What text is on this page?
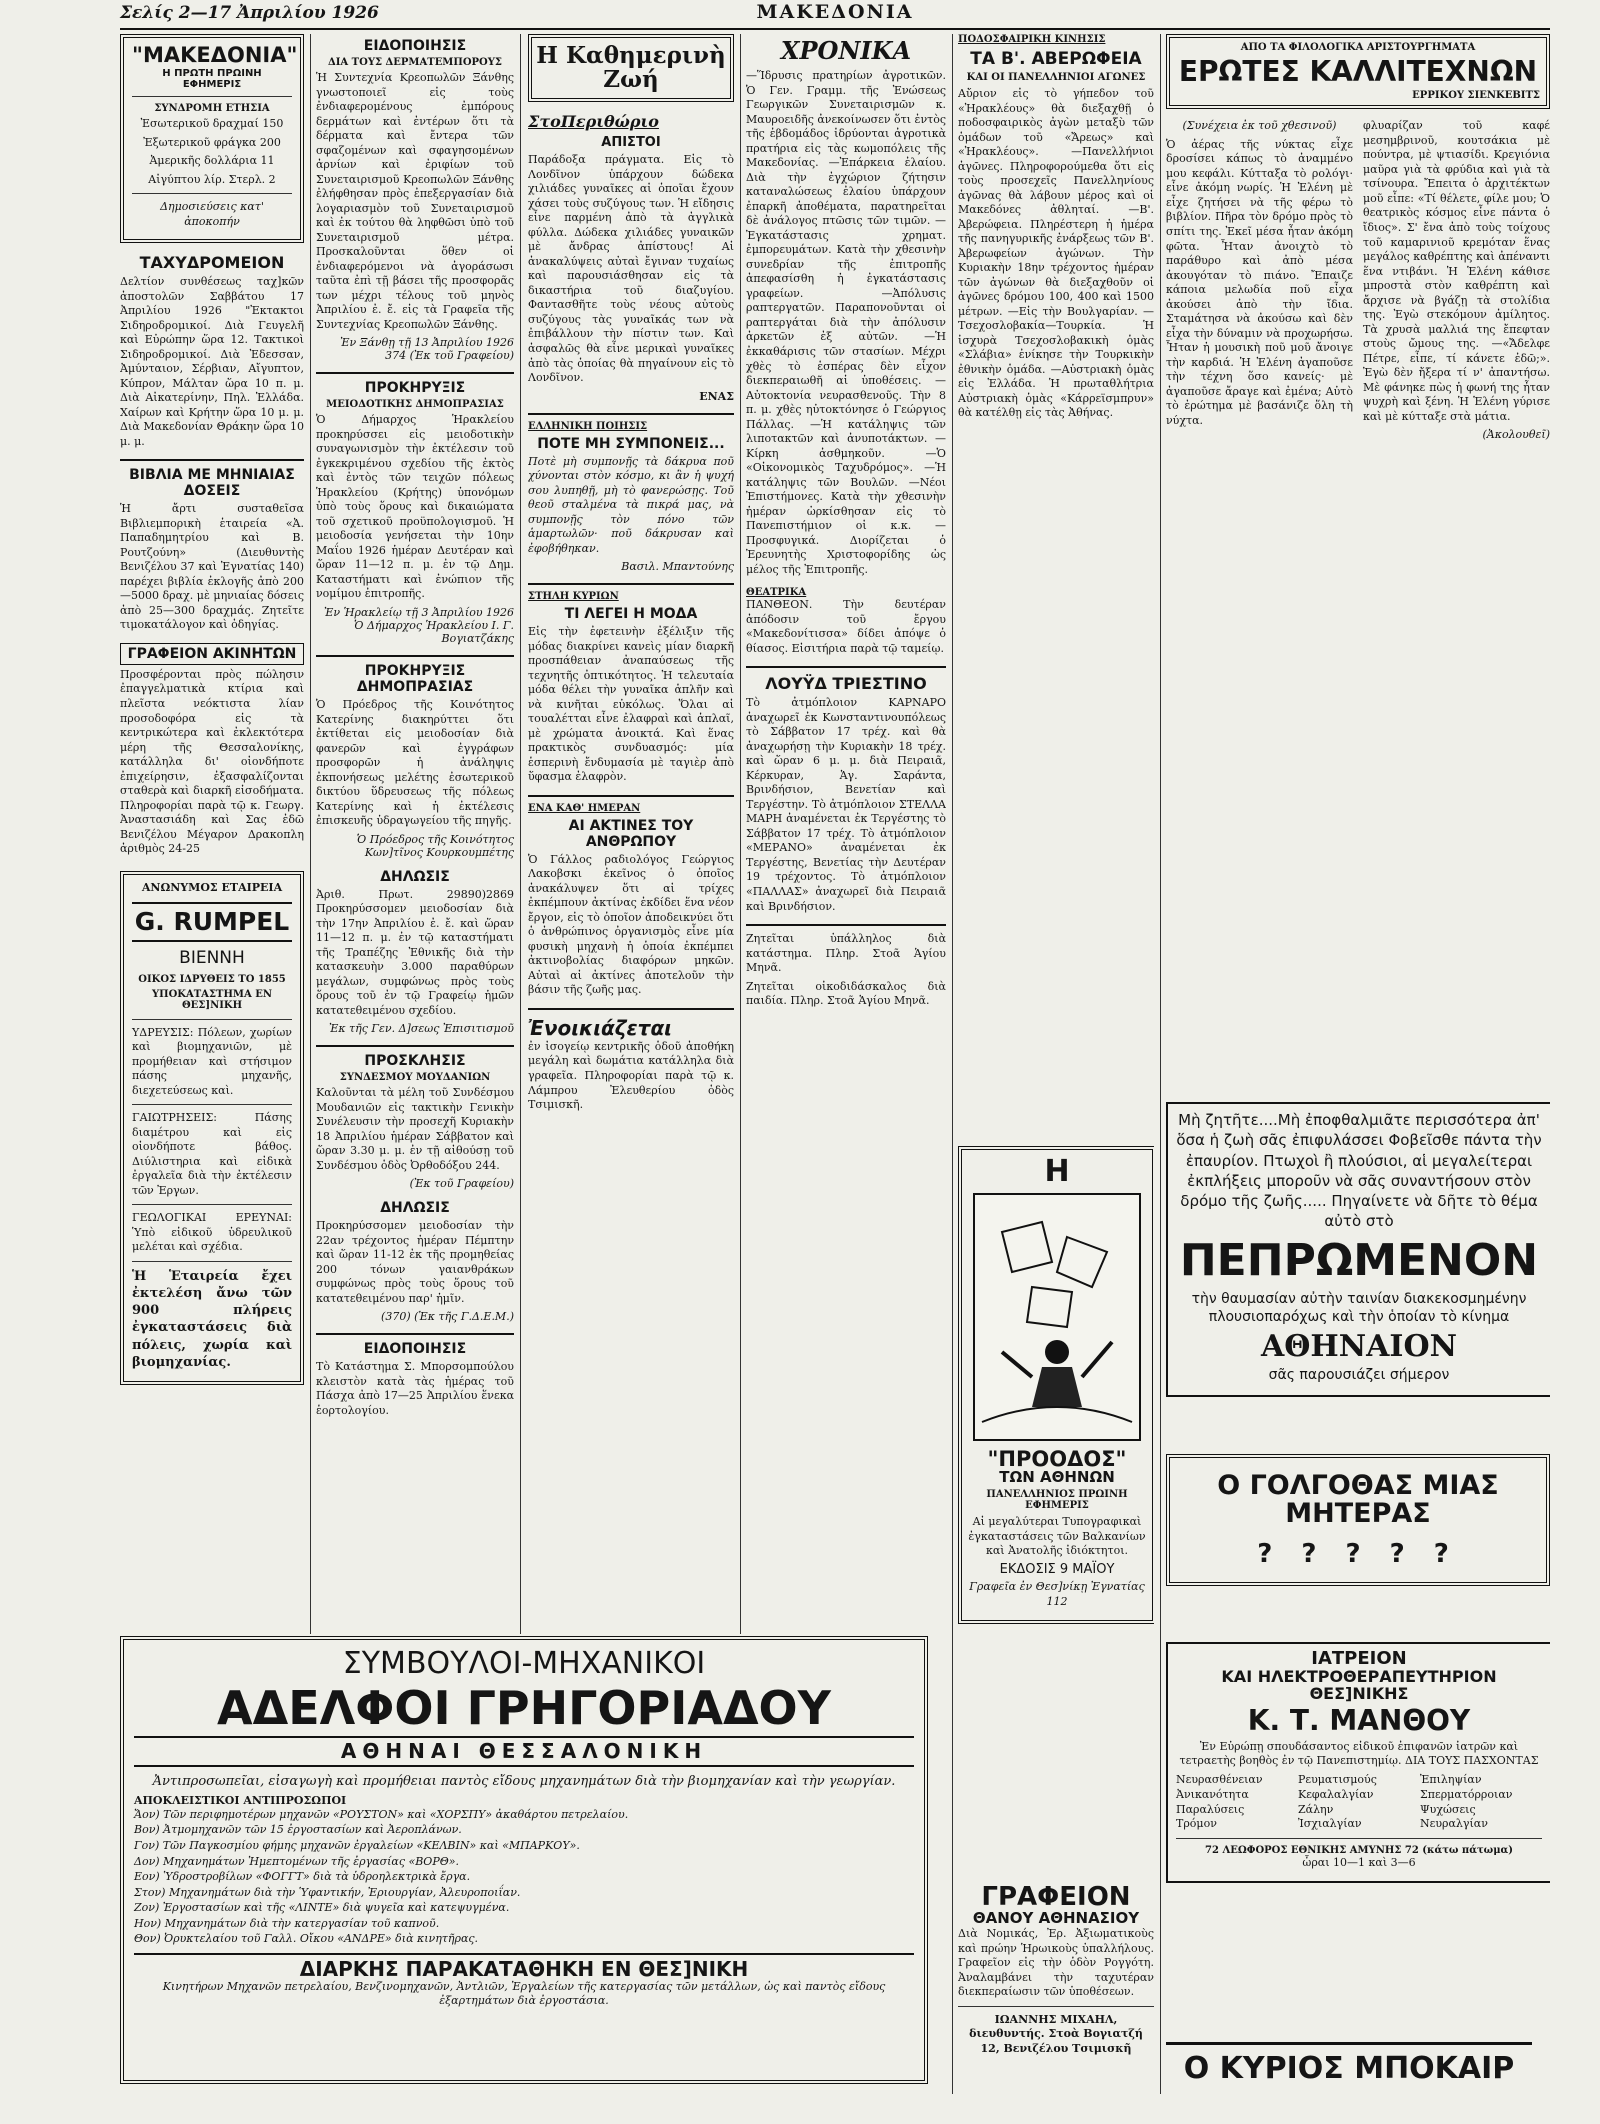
Σελίς 2—17 Ἀπριλίου 1926	ΜΑΚΕΔΟΝΙΑ
"ΜΑΚΕΔΟΝΙΑ"
Η ΠΡΩΤΗ ΠΡΩΙΝΗ ΕΦΗΜΕΡΙΣ
ΣΥΝΔΡΟΜΗ ΕΤΗΣΙΑ
Ἐσωτερικοῦ δραχμαί 150
Ἐξωτερικοῦ φράγκα 200
Ἀμερικῆς δολλάρια 11
Αἰγύπτου λίρ. Στερλ. 2
Δημοσιεύσεις κατ' ἀποκοπήν
ΤΑΧΥΔΡΟΜΕΙΟΝ

Δελτίον συνθέσεως ταχ]κῶν ἀποστολῶν Σαββάτου 17 Ἀπριλίου 1926 "Ἐκτακτοι Σιδηροδρομικοί. Διὰ Γευγελῆ καὶ Εὐρώπην ὥρα 12. Τακτικοὶ Σιδηροδρομικοί. Διὰ Ἐδεσσαν, Ἀμύνταιον, Σέρβιαν, Αἴγυπτον, Κύπρον, Μάλταν ὥρα 10 π. μ. Διὰ Αἰκατερίνην, Πηλ. Ἑλλάδα. Χαίρων καὶ Κρήτην ὥρα 10 μ. μ. Διὰ Μακεδονίαν Θράκην ὥρα 10 μ. μ.

ΒΙΒΛΙΑ ΜΕ ΜΗΝΙΑΙΑΣ ΔΟΣΕΙΣ

Ἡ ἄρτι συσταθεῖσα Βιβλιεμπορικὴ ἑταιρεία «Ἀ. Παπαδημητρίου καὶ Β. Ρουτζούνη» (Διευθυντὴς Βενιζέλου 37 καὶ Ἐγνατίας 140) παρέχει βιβλία ἐκλογῆς ἀπὸ 200—5000 δραχ. μὲ μηνιαίας δόσεις ἀπὸ 25—300 δραχμάς. Ζητεῖτε τιμοκατάλογον καὶ ὁδηγίας.

ΓΡΑΦΕΙΟΝ ΑΚΙΝΗΤΩΝ

Προσφέρονται πρὸς πώλησιν ἐπαγγελματικὰ κτίρια καὶ πλεῖστα νεόκτιστα λίαν προσοδοφόρα εἰς τὰ κεντρικώτερα καὶ ἐκλεκτότερα μέρη τῆς Θεσσαλονίκης, κατάλληλα δι' οἱονδήποτε ἐπιχείρησιν, ἐξασφαλίζονται σταθερὰ καὶ διαρκῆ εἰσοδήματα. Πληροφορίαι παρὰ τῷ κ. Γεωργ. Ἀναστασιάδη καὶ Σας ἐδῶ Βενιζέλου Μέγαρον Δρακοπλη ἀριθμὸς 24-25

ΑΝΩΝΥΜΟΣ ΕΤΑΙΡΕΙΑ
G. RUMPEL
ΒΙΕΝΝΗ
ΟΙΚΟΣ ΙΔΡΥΘΕΙΣ ΤΟ 1855
ΥΠΟΚΑΤΑΣΤΗΜΑ ΕΝ ΘΕΣ]ΝΙΚΗ

ΥΔΡΕΥΣΙΣ: Πόλεων, χωρίων καὶ βιομηχανιῶν, μὲ προμήθειαν καὶ στήσιμον πάσης μηχανῆς, διεχετεύσεως καὶ.

ΓΑΙΩΤΡΗΣΕΙΣ: Πάσης διαμέτρου καὶ εἰς οἱονδήποτε βάθος. Διύλιστηρια καὶ εἰδικὰ ἐργαλεῖα διὰ τὴν ἐκτέλεσιν τῶν Ἐργων.

ΓΕΩΛΟΓΙΚΑΙ ΕΡΕΥΝΑΙ: Ὑπὸ εἰδικοῦ ὑδρευλικοῦ μελέται καὶ σχέδια.

Ἡ Ἑταιρεία ἔχει ἐκτελέση ἄνω τῶν 900 πλήρεις ἐγκαταστάσεις διὰ πόλεις, χωρία καὶ βιομηχανίας.

ΕΙΔΟΠΟΙΗΣΙΣ
ΔΙΑ ΤΟΥΣ ΔΕΡΜΑΤΕΜΠΟΡΟΥΣ

Ἡ Συντεχνία Κρεοπωλῶν Ξάνθης γνωστοποιεῖ εἰς τοὺς ἐνδιαφερομένους ἐμπόρους δερμάτων καὶ ἐντέρων ὅτι τὰ δέρματα καὶ ἔντερα τῶν σφαζομένων καὶ σφαγησομένων ἀρνίων καὶ ἐριφίων τοῦ Συνεταιρισμοῦ Κρεοπωλῶν Ξάνθης ἐλήφθησαν πρὸς ἐπεξεργασίαν διὰ λογαριασμὸν τοῦ Συνεταιρισμοῦ καὶ ἐκ τούτου θὰ ληφθῶσι ὑπὸ τοῦ Συνεταιρισμοῦ μέτρα. Προσκαλοῦνται ὅθεν οἱ ἐνδιαφερόμενοι νὰ ἀγοράσωσι ταῦτα ἐπὶ τῇ βάσει τῆς προσφορᾶς των μέχρι τέλους τοῦ μηνὸς Ἀπριλίου ἐ. ἔ. εἰς τὰ Γραφεῖα τῆς Συντεχνίας Κρεοπωλῶν Ξάνθης.

Ἐν Ξάνθῃ τῇ 13 Ἀπριλίου 1926 374 (Ἐκ τοῦ Γραφείου)
ΠΡΟΚΗΡΥΞΙΣ
ΜΕΙΟΔΟΤΙΚΗΣ ΔΗΜΟΠΡΑΣΙΑΣ

Ὁ Δήμαρχος Ἡρακλείου προκηρύσσει εἰς μειοδοτικὴν συναγωνισμὸν τὴν ἐκτέλεσιν τοῦ ἐγκεκριμένου σχεδίου τῆς ἐκτὸς καὶ ἐντὸς τῶν τειχῶν πόλεως Ἡρακλείου (Κρήτης) ὑπονόμων ὑπὸ τοὺς ὅρους καὶ δικαιώματα τοῦ σχετικοῦ προϋπολογισμοῦ. Ἡ μειοδοσία γενήσεται τὴν 10ην Μαΐου 1926 ἡμέραν Δευτέραν καὶ ὥραν 11—12 π. μ. ἐν τῷ Δημ. Καταστήματι καὶ ἐνώπιον τῆς νομίμου ἐπιτροπῆς.

Ἐν Ἡρακλείῳ τῇ 3 Ἀπριλίου 1926 Ὁ Δήμαρχος Ἡρακλείου Ι. Γ. Βογιατζάκης
ΠΡΟΚΗΡΥΞΙΣ ΔΗΜΟΠΡΑΣΙΑΣ

Ὁ Πρόεδρος τῆς Κοινότητος Κατερίνης διακηρύττει ὅτι ἐκτίθεται εἰς μειοδοσίαν διὰ φανερῶν καὶ ἐγγράφων προσφορῶν ἡ ἀνάληψις ἐκπονήσεως μελέτης ἐσωτερικοῦ δικτύου ὕδρευσεως τῆς πόλεως Κατερίνης καὶ ἡ ἐκτέλεσις ἐπισκευῆς ὑδραγωγείου τῆς πηγῆς.

Ὁ Πρόεδρος τῆς Κοινότητος Κων]τῖνος Κουρκουμπέτης
ΔΗΛΩΣΙΣ

Ἀριθ. Πρωτ. 29890)2869 Προκηρύσσομεν μειοδοσίαν διὰ τὴν 17ην Ἀπριλίου ἐ. ἔ. καὶ ὥραν 11—12 π. μ. ἐν τῷ καταστήματι τῆς Τραπέζης Ἐθνικῆς διὰ τὴν κατασκευὴν 3.000 παραθύρων μεγάλων, συμφώνως πρὸς τοὺς ὅρους τοῦ ἐν τῷ Γραφείῳ ἡμῶν κατατεθειμένου σχεδίου.

Ἐκ τῆς Γεν. Δ]σεως Ἐπισιτισμοῦ
ΠΡΟΣΚΛΗΣΙΣ
ΣΥΝΔΕΣΜΟΥ ΜΟΥΔΑΝΙΩΝ

Καλοῦνται τὰ μέλη τοῦ Συνδέσμου Μουδανιῶν εἰς τακτικὴν Γενικὴν Συνέλευσιν τὴν προσεχῆ Κυριακὴν 18 Ἀπριλίου ἡμέραν Σάββατον καὶ ὥραν 3.30 μ. μ. ἐν τῇ αἰθούσῃ τοῦ Συνδέσμου ὁδὸς Ὀρθοδόξου 244.

(Ἐκ τοῦ Γραφείου)
ΔΗΛΩΣΙΣ

Προκηρύσσομεν μειοδοσίαν τὴν 22αν τρέχοντος ἡμέραν Πέμπτην καὶ ὥραν 11-12 ἐκ τῆς προμηθείας 200 τόνων γαιανθράκων συμφώνως πρὸς τοὺς ὅρους τοῦ κατατεθειμένου παρ' ἡμῖν.

(370) (Ἐκ τῆς Γ.Δ.Ε.Μ.)
ΕΙΔΟΠΟΙΗΣΙΣ

Τὸ Κατάστημα Σ. Μπορσομπούλου κλειστὸν κατὰ τὰς ἡμέρας τοῦ Πάσχα ἀπὸ 17—25 Ἀπριλίου ἕνεκα ἑορτολογίου.

Η Καθημερινὴ Ζωή
ΣτοΠεριθώριο
ΑΠΙΣΤΟΙ

Παράδοξα πράγματα. Εἰς τὸ Λονδῖνον ὑπάρχουν δώδεκα χιλιάδες γυναῖκες αἱ ὁποῖαι ἔχουν χάσει τοὺς συζύγους των. Ἡ εἴδησις εἶνε παρμένη ἀπὸ τὰ ἀγγλικὰ φύλλα. Δώδεκα χιλιάδες γυναικῶν μὲ ἄνδρας ἀπίστους! Αἱ ἀνακαλύψεις αὐταὶ ἔγιναν τυχαίως καὶ παρουσιάσθησαν εἰς τὰ δικαστήρια τοῦ διαζυγίου. Φαντασθῆτε τοὺς νέους αὐτοὺς συζύγους τὰς γυναῖκάς των νὰ ἐπιβάλλουν τὴν πίστιν των. Καὶ ἀσφαλῶς θὰ εἶνε μερικαὶ γυναῖκες ἀπὸ τὰς ὁποίας θὰ πηγαίνουν εἰς τὸ Λονδῖνον.

ΕΝΑΣ
ΕΛΛΗΝΙΚΗ ΠΟΙΗΣΙΣ
ΠΟΤΕ ΜΗ ΣΥΜΠΟΝΕΙΣ...

Ποτὲ μὴ συμπονῇς τὰ δάκρυα ποῦ χύνονται στὸν κόσμο, κι ἂν ἡ ψυχή σου λυπηθῇ, μὴ τὸ φανερώσῃς. Τοῦ θεοῦ σταλμένα τὰ πικρά μας, νὰ συμπονῇς τὸν πόνο τῶν ἁμαρτωλῶν· ποῦ δάκρυσαν καὶ ἐφοβήθηκαν.

Βασιλ. Μπαντούνης
ΣΤΗΛΗ ΚΥΡΙΩΝ
ΤΙ ΛΕΓΕΙ Η ΜΟΔΑ

Εἰς τὴν ἐφετεινὴν ἐξέλιξιν τῆς μόδας διακρίνει κανεὶς μίαν διαρκῆ προσπάθειαν ἀναπαύσεως τῆς τεχνητῆς ὀπτικότητος. Ἡ τελευταία μόδα θέλει τὴν γυναῖκα ἁπλῆν καὶ νὰ κινῆται εὐκόλως. Ὅλαι αἱ τουαλέτται εἶνε ἐλαφραὶ καὶ ἁπλαῖ, μὲ χρώματα ἀνοικτά. Καὶ ἕνας πρακτικὸς συνδυασμός: μία ἑσπερινὴ ἔνδυμασία μὲ ταγιὲρ ἀπὸ ὕφασμα ἐλαφρὸν.

ΕΝΑ ΚΑΘ' ΗΜΕΡΑΝ
ΑΙ ΑΚΤΙΝΕΣ ΤΟΥ ΑΝΘΡΩΠΟΥ

Ὁ Γάλλος ραδιολόγος Γεώργιος Λακοβσκι ἐκεῖνος ὁ ὁποῖος ἀνακάλυψεν ὅτι αἱ τρίχες ἐκπέμπουν ἀκτίνας ἐκδίδει ἕνα νέον ἔργον, εἰς τὸ ὁποῖον ἀποδεικνύει ὅτι ὁ ἀνθρώπινος ὀργανισμὸς εἶνε μία φυσικὴ μηχανὴ ἡ ὁποία ἐκπέμπει ἀκτινοβολίας διαφόρων μηκῶν. Αὐταὶ αἱ ἀκτίνες ἀποτελοῦν τὴν βάσιν τῆς ζωῆς μας.

Ἐνοικιάζεται

ἐν ἰσογείῳ κεντρικῆς ὁδοῦ ἀποθήκη μεγάλη καὶ δωμάτια κατάλληλα διὰ γραφεῖα. Πληροφορίαι παρὰ τῷ κ. Λάμπρου Ἐλευθερίου ὁδὸς Τσιμισκῆ.

ΧΡΟΝΙΚΑ

—Ἵδρυσις πρατηρίων ἀγροτικῶν. Ὁ Γεν. Γραμμ. τῆς Ἑνώσεως Γεωργικῶν Συνεταιρισμῶν κ. Μαυροειδῆς ἀνεκοίνωσεν ὅτι ἐντὸς τῆς ἑβδομάδος ἱδρύονται ἀγροτικὰ πρατήρια εἰς τὰς κωμοπόλεις τῆς Μακεδονίας. —Ἐπάρκεια ἐλαίου. Διὰ τὴν ἐγχώριον ζήτησιν καταναλώσεως ἐλαίου ὑπάρχουν ἐπαρκῆ ἀποθέματα, παρατηρεῖται δὲ ἀνάλογος πτῶσις τῶν τιμῶν. —Ἐγκατάστασις χρηματ. ἐμπορευμάτων. Κατὰ τὴν χθεσινὴν συνεδρίαν τῆς ἐπιτροπῆς ἀπεφασίσθη ἡ ἐγκατάστασις γραφείων. —Ἀπόλυσις ραπτεργατῶν. Παραπονοῦνται οἱ ραπτεργάται διὰ τὴν ἀπόλυσιν ἀρκετῶν ἐξ αὐτῶν. —Ἡ ἐκκαθάρισις τῶν στασίων. Μέχρι χθὲς τὸ ἑσπέρας δὲν εἶχον διεκπεραιωθῆ αἱ ὑποθέσεις. —Αὐτοκτονία νευρασθενοῦς. Τὴν 8 π. μ. χθὲς ηὐτοκτόνησε ὁ Γεώργιος Πάλλας. —Ἡ κατάληψις τῶν λιποτακτῶν καὶ ἀνυποτάκτων. —Κίρκη ἀσθμηκοῦν. —Ὁ «Οἰκονομικὸς Ταχυδρόμος». —Ἡ κατάληψις τῶν Βουλῶν. —Νέοι Ἐπιστήμονες. Κατὰ τὴν χθεσινὴν ἡμέραν ὡρκίσθησαν εἰς τὸ Πανεπιστήμιον οἱ κ.κ. —Προσφυγικά. Διορίζεται ὁ Ἐρευνητὴς Χριστοφορίδης ὡς μέλος τῆς Ἐπιτροπῆς.

ΘΕΑΤΡΙΚΑ

ΠΑΝΘΕΟΝ. Τὴν δευτέραν ἀπόδοσιν τοῦ ἔργου «Μακεδονίτισσα» δίδει ἀπόψε ὁ θίασος. Εἰσιτήρια παρὰ τῷ ταμείῳ.

ΛΟΥΫΔ ΤΡΙΕΣΤΙΝΟ

Τὸ ἀτμόπλοιον ΚΑΡΝΑΡΟ ἀναχωρεῖ ἐκ Κωνσταντινουπόλεως τὸ Σάββατον 17 τρέχ. καὶ θὰ ἀναχωρήσῃ τὴν Κυριακὴν 18 τρέχ. καὶ ὥραν 6 μ. μ. διὰ Πειραιᾶ, Κέρκυραν, Ἁγ. Σαράντα, Βρινδήσιον, Βενετίαν καὶ Τεργέστην. Τὸ ἀτμόπλοιον ΣΤΕΛΛΑ ΜΑΡΗ ἀναμένεται ἐκ Τεργέστης τὸ Σάββατον 17 τρέχ. Τὸ ἀτμόπλοιον «ΜΕΡΑΝΟ» ἀναμένεται ἐκ Τεργέστης, Βενετίας τὴν Δευτέραν 19 τρέχοντος. Τὸ ἀτμόπλοιον «ΠΑΛΛΑΣ» ἀναχωρεῖ διὰ Πειραιᾶ καὶ Βρινδήσιον.

Ζητεῖται ὑπάλληλος διὰ κατάστημα. Πληρ. Στοᾶ Ἁγίου Μηνᾶ.

Ζητεῖται οἰκοδιδάσκαλος διὰ παιδία. Πληρ. Στοᾶ Ἁγίου Μηνᾶ.

ΠΟΔΟΣΦΑΙΡΙΚΗ ΚΙΝΗΣΙΣ
ΤΑ Β'. ΑΒΕΡΩΦΕΙΑ
ΚΑΙ ΟΙ ΠΑΝΕΛΛΗΝΙΟΙ ΑΓΩΝΕΣ

Αὔριον εἰς τὸ γήπεδον τοῦ «Ἡρακλέους» θὰ διεξαχθῇ ὁ ποδοσφαιρικὸς ἀγὼν μεταξὺ τῶν ὁμάδων τοῦ «Ἄρεως» καὶ «Ἡρακλέους». —Πανελλήνιοι ἀγῶνες. Πληροφορούμεθα ὅτι εἰς τοὺς προσεχεῖς Πανελληνίους ἀγῶνας θὰ λάβουν μέρος καὶ οἱ Μακεδόνες ἀθληταί. —Β'. Ἀβερώφεια. Πληρέστερη ἡ ἡμέρα τῆς πανηγυρικῆς ἐνάρξεως τῶν Β'. Ἀβερωφείων ἀγώνων. Τὴν Κυριακὴν 18ην τρέχοντος ἡμέραν τῶν ἀγώνων θὰ διεξαχθοῦν οἱ ἀγῶνες δρόμου 100, 400 καὶ 1500 μέτρων. —Εἰς τὴν Βουλγαρίαν. —Τσεχοσλοβακία—Τουρκία. Ἡ ἰσχυρὰ Τσεχοσλοβακικὴ ὁμὰς «Σλάβια» ἐνίκησε τὴν Τουρκικὴν ἐθνικὴν ὁμάδα. —Αὐστριακὴ ὁμὰς εἰς Ἑλλάδα. Ἡ πρωταθλήτρια Αὐστριακὴ ὁμὰς «Κάρρεϊσμπρυν» θὰ κατέλθῃ εἰς τὰς Ἀθήνας.

Η
"ΠΡΟΟΔΟΣ"
ΤΩΝ ΑΘΗΝΩΝ
ΠΑΝΕΛΛΗΝΙΟΣ ΠΡΩΙΝΗ ΕΦΗΜΕΡΙΣ

Αἱ μεγαλύτεραι Τυπογραφικαὶ ἐγκαταστάσεις τῶν Βαλκανίων καὶ Ἀνατολῆς ἰδιόκτητοι.

ΕΚΔΟΣΙΣ 9 ΜΑΪΟΥ
Γραφεῖα ἐν Θεσ]νίκῃ Ἐγνατίας 112
ΓΡΑΦΕΙΟΝ
ΘΑΝΟΥ ΑΘΗΝΑΣΙΟΥ

Διὰ Νομικάς, Ἐρ. Ἀξιωματικοὺς καὶ πρώην Ἡρωικοὺς ὑπαλλήλους. Γραφεῖον εἰς τὴν ὁδὸν Ρογγότη. Ἀναλαμβάνει τὴν ταχυτέραν διεκπεραίωσιν τῶν ὑποθέσεων.

ΙΩΑΝΝΗΣ ΜΙΧΑΗΛ, διευθυντής. Στοὰ Βογιατζή 12, Βενιζέλου Τσιμισκῆ

ΑΠΟ ΤΑ ΦΙΛΟΛΟΓΙΚΑ ΑΡΙΣΤΟΥΡΓΗΜΑΤΑ
ΕΡΩΤΕΣ ΚΑΛΛΙΤΕΧΝΩΝ
ΕΡΡΙΚΟΥ ΣΙΕΝΚΕΒΙΤΣ
(Συνέχεια ἐκ τοῦ χθεσινοῦ)

Ὁ ἀέρας τῆς νύκτας εἶχε δροσίσει κάπως τὸ ἀναμμένο μου κεφάλι. Κύτταξα τὸ ρολόγι· εἶνε ἀκόμη νωρίς. Ἡ Ἑλένη μὲ εἶχε ζητήσει νὰ τῆς φέρω τὸ βιβλίον. Πῆρα τὸν δρόμο πρὸς τὸ σπίτι της. Ἐκεῖ μέσα ἦταν ἀκόμη φῶτα. Ἦταν ἀνοιχτὸ τὸ παράθυρο καὶ ἀπὸ μέσα ἀκουγόταν τὸ πιάνο. Ἔπαιζε κάποια μελωδία ποῦ εἶχα ἀκούσει ἀπὸ τὴν ἴδια. Σταμάτησα νὰ ἀκούσω καὶ δὲν εἶχα τὴν δύναμιν νὰ προχωρήσω. Ἦταν ἡ μουσικὴ ποῦ μοῦ ἄνοιγε τὴν καρδιά. Ἡ Ἑλένη ἀγαποῦσε τὴν τέχνη ὅσο κανείς· μὲ ἀγαποῦσε ἄραγε καὶ ἐμένα; Αὐτὸ τὸ ἐρώτημα μὲ βασάνιζε ὅλη τὴ νύχτα.

φλυαρίζαν τοῦ καφέ μεσημβρινοῦ, κουτσάκια μὲ πούντρα, μὲ ψτιασίδι. Κρεγιόνια μαῦρα γιὰ τὰ φρύδια καὶ γιὰ τὰ τσίνουρα. Ἔπειτα ὁ ἀρχιτέκτων μοῦ εἶπε: «Τί θέλετε, φίλε μου; Ὁ θεατρικὸς κόσμος εἶνε πάντα ὁ ἴδιος». Σ' ἔνα ἀπὸ τοὺς τοίχους τοῦ καμαρινιοῦ κρεμόταν ἕνας μεγάλος καθρέπτης καὶ ἀπέναντι ἕνα ντιβάνι. Ἡ Ἑλένη κάθισε μπροστὰ στὸν καθρέπτη καὶ ἄρχισε νὰ βγάζῃ τὰ στολίδια της. Ἐγὼ στεκόμουν ἀμίλητος. Τὰ χρυσὰ μαλλιά της ἔπεφταν στοὺς ὤμους της. —«Ἄδελφε Πέτρε, εἶπε, τί κάνετε ἐδῶ;». Ἐγὼ δὲν ἤξερα τί ν' ἀπαντήσω. Μὲ φάνηκε πὼς ἡ φωνή της ἦταν ψυχρὴ καὶ ξένη. Ἡ Ἑλένη γύρισε καὶ μὲ κύτταξε στὰ μάτια.

(Ἀκολουθεῖ)

Μὴ ζητῆτε....Μὴ ἐποφθαλμιᾶτε περισσότερα ἀπ' ὅσα ἡ ζωὴ σᾶς ἐπιφυλάσσει Φοβεῖσθε πάντα τὴν ἐπαυρίον. Πτωχοὶ ἢ πλούσιοι, αἱ μεγαλείτεραι ἐκπλήξεις μποροῦν νὰ σᾶς συναντήσουν στὸν δρόμο τῆς ζωῆς..... Πηγαίνετε νὰ δῆτε τὸ θέμα αὐτὸ στὸ

ΠΕΠΡΩΜΕΝΟΝ

τὴν θαυμασίαν αὐτὴν ταινίαν διακεκοσμημένην πλουσιοπαρόχως καὶ τὴν ὁποίαν τὸ κίνημα

ΑΘΗΝΑΙΟΝ

σᾶς παρουσιάζει σήμερον

Ο ΓΟΛΓΟΘΑΣ ΜΙΑΣ ΜΗΤΕΡΑΣ
? ? ? ? ?
ΙΑΤΡΕΙΟΝ
ΚΑΙ ΗΛΕΚΤΡΟΘΕΡΑΠΕΥΤΗΡΙΟΝ ΘΕΣ]ΝΙΚΗΣ
Κ. Τ. ΜΑΝΘΟΥ

Ἐν Εὐρώπῃ σπουδάσαντος εἰδικοῦ ἐπιφανῶν ἰατρῶν καὶ τετραετὴς βοηθὸς ἐν τῷ Πανεπιστημίῳ. ΔΙΑ ΤΟΥΣ ΠΑΣΧΟΝΤΑΣ

Νευρασθένειαν	Ρευματισμούς	Ἐπιληψίαν
Ἀνικανότητα	Κεφαλαλγίαν	Σπερματόρροιαν
Παραλύσεις	Ζάλην	Ψυχώσεις
Τρόμον	Ἰσχιαλγίαν	Νευραλγίαν
72 ΛΕΩΦΟΡΟΣ ΕΘΝΙΚΗΣ ΑΜΥΝΗΣ 72 (κάτω πάτωμα)
ὧραι 10—1 καὶ 3—6
Ο ΚΥΡΙΟΣ ΜΠΟΚΑΙΡ
ΣΥΜΒΟΥΛΟΙ-ΜΗΧΑΝΙΚΟΙ
ΑΔΕΛΦΟΙ ΓΡΗΓΟΡΙΑΔΟΥ
ΑΘΗΝΑΙ ΘΕΣΣΑΛΟΝΙΚΗ

Ἀντιπροσωπεῖαι, εἰσαγωγὴ καὶ προμήθειαι παντὸς εἴδους μηχανημάτων διὰ τὴν βιομηχανίαν καὶ τὴν γεωργίαν.

ΑΠΟΚΛΕΙΣΤΙΚΟΙ ΑΝΤΙΠΡΟΣΩΠΟΙ

Ἄον) Τῶν περιφημοτέρων μηχανῶν «ΡΟΥΣΤΟΝ» καὶ «ΧΟΡΣΠΥ» ἀκαθάρτου πετρελαίου.

Βον) Ἀτμομηχανῶν τῶν 15 ἐργοστασίων καὶ Ἀεροπλάνων.

Γον) Τῶν Παγκοσμίου φήμης μηχανῶν ἐργαλείων «ΚΕΛΒΙΝ» καὶ «ΜΠΑΡΚΟΥ».

Δον) Μηχανημάτων Ἡμεπτομένων τῆς ἐργασίας «ΒΟΡΘ».

Εον) Ὑδροστροβίλων «ΦΟΓΓΤ» διὰ τὰ ὑδροηλεκτρικὰ ἔργα.

Στον) Μηχανημάτων διὰ τὴν Ὑφαντικήν, Ἐριουργίαν, Ἀλευροποιΐαν.

Ζον) Ἐργοστασίων καὶ τῆς «ΛΙΝΤΕ» διὰ ψυγεῖα καὶ κατεψυγμένα.

Ηον) Μηχανημάτων διὰ τὴν κατεργασίαν τοῦ καπνοῦ.

Θον) Ὀρυκτελαίου τοῦ Γαλλ. Οἴκου «ΑΝΔΡΕ» διὰ κινητῆρας.

ΔΙΑΡΚΗΣ ΠΑΡΑΚΑΤΑΘΗΚΗ ΕΝ ΘΕΣ]ΝΙΚΗ

Κινητήρων Μηχανῶν πετρελαίου, Βενζινομηχανῶν, Ἀντλιῶν, Ἐργαλείων τῆς κατεργασίας τῶν μετάλλων, ὡς καὶ παντὸς εἴδους ἐξαρτημάτων διὰ ἐργοστάσια.
